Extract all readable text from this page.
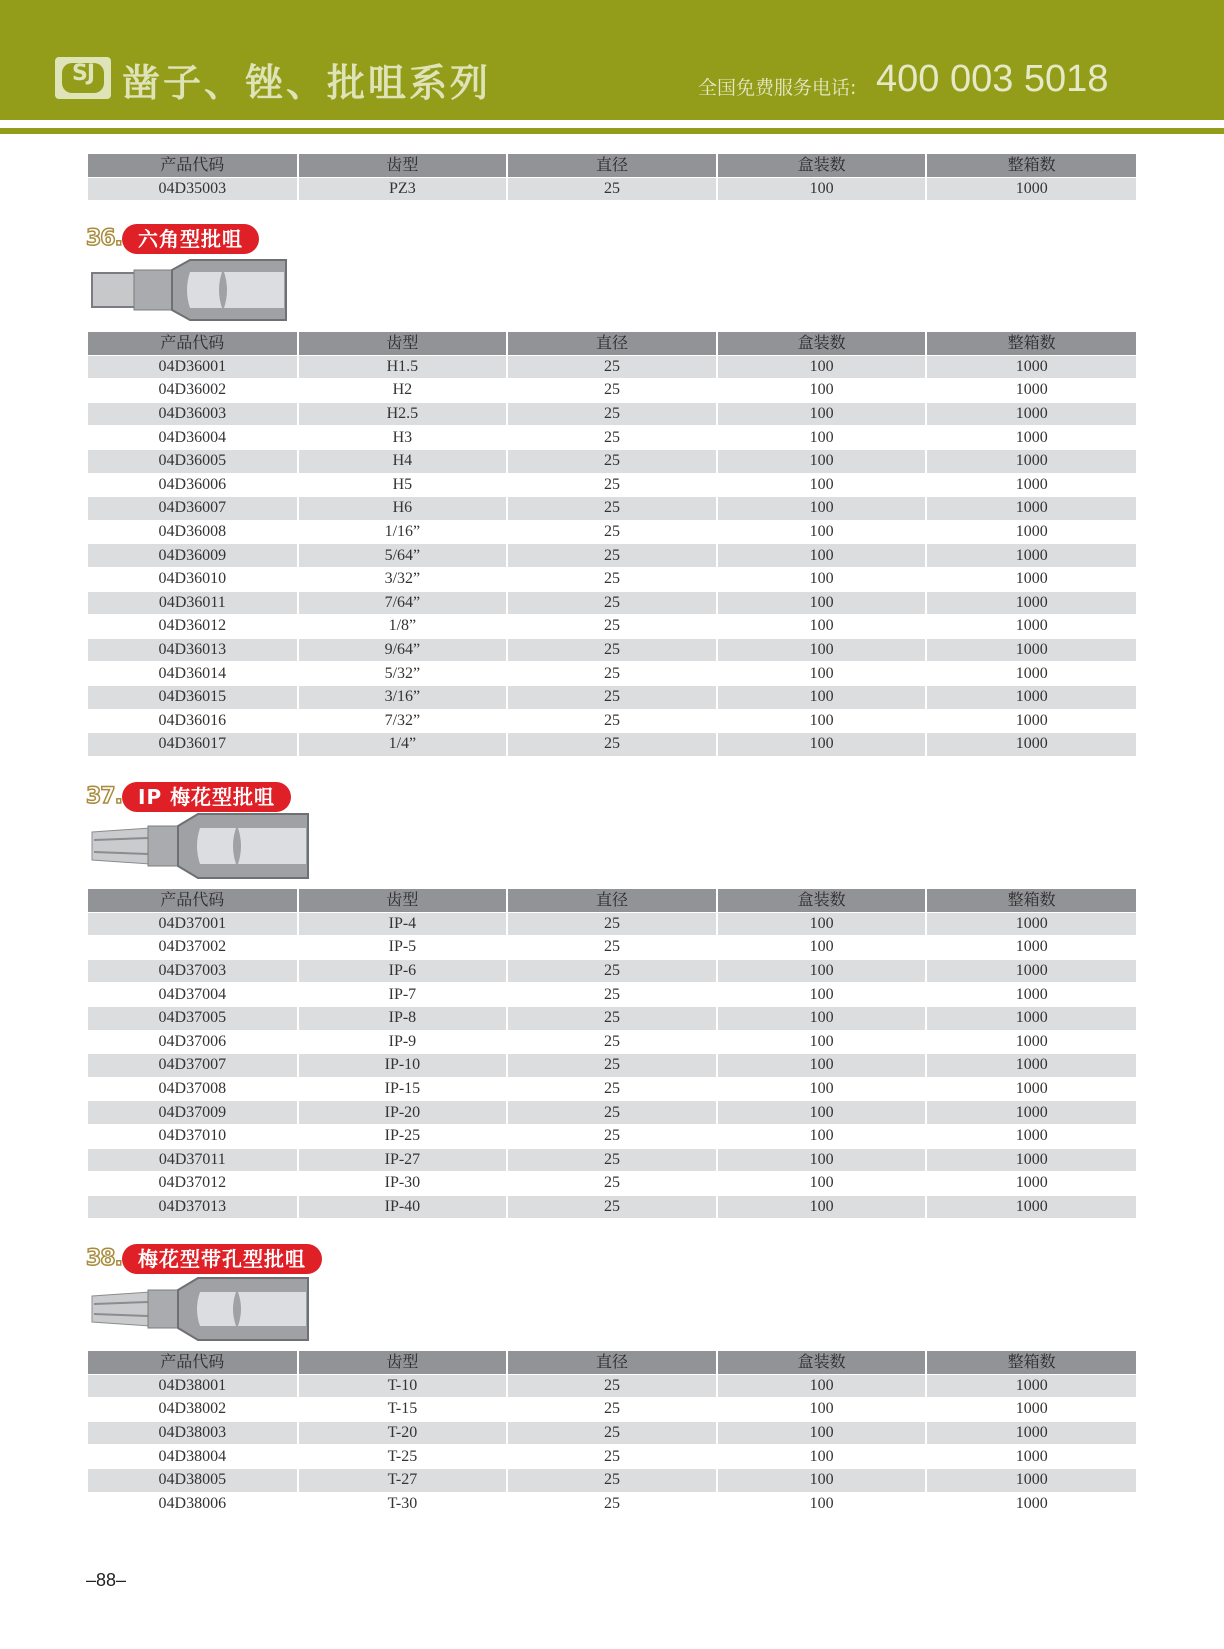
SJ 凿子、锉、批咀系列	全国免费服务电话: 400 003 5018
产品代码	齿型	直径	盒装数	整箱数
04D35003	PZ3	25	100	1000
36. 六角型批咀
产品代码	齿型	直径	盒装数	整箱数
04D36001	H1.5	25	100	1000
04D36002	H2	25	100	1000
04D36003	H2.5	25	100	1000
04D36004	H3	25	100	1000
04D36005	H4	25	100	1000
04D36006	H5	25	100	1000
04D36007	H6	25	100	1000
04D36008	1/16”	25	100	1000
04D36009	5/64”	25	100	1000
04D36010	3/32”	25	100	1000
04D36011	7/64”	25	100	1000
04D36012	1/8”	25	100	1000
04D36013	9/64”	25	100	1000
04D36014	5/32”	25	100	1000
04D36015	3/16”	25	100	1000
04D36016	7/32”	25	100	1000
04D36017	1/4”	25	100	1000
37. IP 梅花型批咀
产品代码	齿型	直径	盒装数	整箱数
04D37001	IP-4	25	100	1000
04D37002	IP-5	25	100	1000
04D37003	IP-6	25	100	1000
04D37004	IP-7	25	100	1000
04D37005	IP-8	25	100	1000
04D37006	IP-9	25	100	1000
04D37007	IP-10	25	100	1000
04D37008	IP-15	25	100	1000
04D37009	IP-20	25	100	1000
04D37010	IP-25	25	100	1000
04D37011	IP-27	25	100	1000
04D37012	IP-30	25	100	1000
04D37013	IP-40	25	100	1000
38. 梅花型带孔型批咀
产品代码	齿型	直径	盒装数	整箱数
04D38001	T-10	25	100	1000
04D38002	T-15	25	100	1000
04D38003	T-20	25	100	1000
04D38004	T-25	25	100	1000
04D38005	T-27	25	100	1000
04D38006	T-30	25	100	1000
–88–
